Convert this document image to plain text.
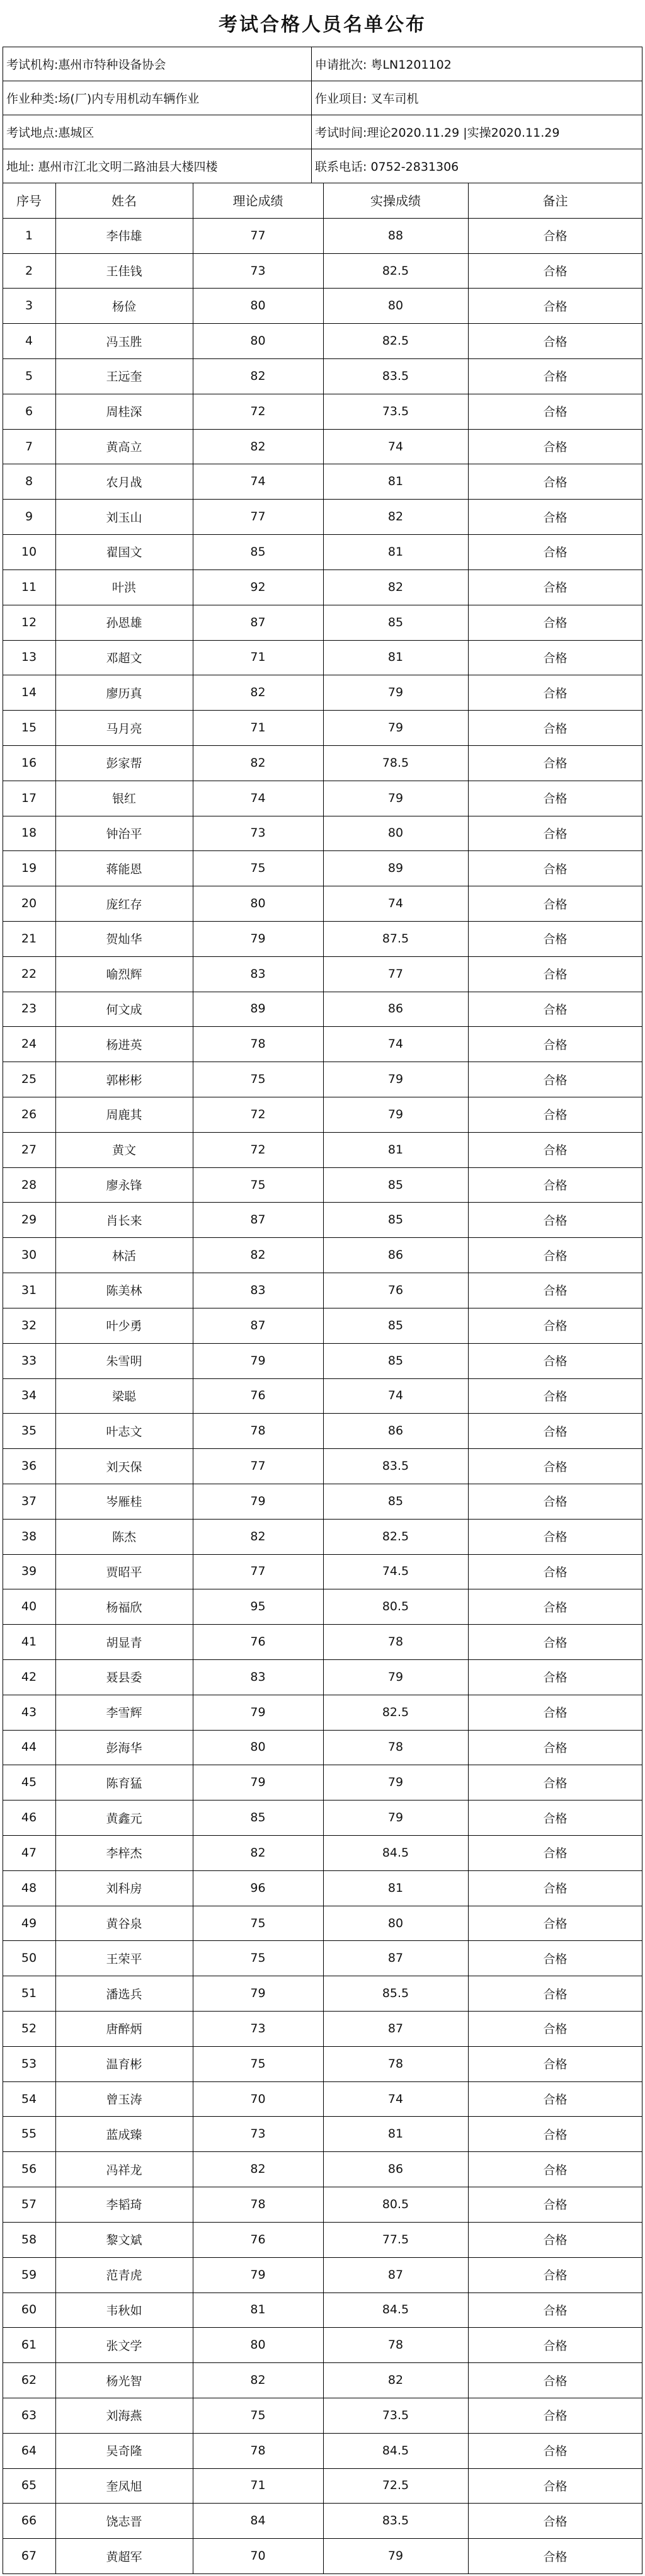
考试合格人员名单公布
考试机构:惠州市特种设备协会	申请批次: 粤LN1201102
作业种类:场(厂)内专用机动车辆作业	作业项目: 叉车司机
考试地点:惠城区	考试时间:理论2020.11.29 |实操2020.11.29
地址: 惠州市江北文明二路油县大楼四楼	联系电话: 0752-2831306
序号	姓名	理论成绩	实操成绩	备注
1	李伟雄	77	88	合格
2	王佳钱	73	82.5	合格
3	杨俭	80	80	合格
4	冯玉胜	80	82.5	合格
5	王远奎	82	83.5	合格
6	周桂深	72	73.5	合格
7	黄高立	82	74	合格
8	农月战	74	81	合格
9	刘玉山	77	82	合格
10	翟国文	85	81	合格
11	叶洪	92	82	合格
12	孙恩雄	87	85	合格
13	邓超文	71	81	合格
14	廖历真	82	79	合格
15	马月亮	71	79	合格
16	彭家帮	82	78.5	合格
17	银红	74	79	合格
18	钟治平	73	80	合格
19	蒋能恩	75	89	合格
20	庞红存	80	74	合格
21	贺灿华	79	87.5	合格
22	喻烈辉	83	77	合格
23	何文成	89	86	合格
24	杨进英	78	74	合格
25	郭彬彬	75	79	合格
26	周鹿其	72	79	合格
27	黄文	72	81	合格
28	廖永锋	75	85	合格
29	肖长来	87	85	合格
30	林活	82	86	合格
31	陈美林	83	76	合格
32	叶少勇	87	85	合格
33	朱雪明	79	85	合格
34	梁聪	76	74	合格
35	叶志文	78	86	合格
36	刘天保	77	83.5	合格
37	岑雁桂	79	85	合格
38	陈杰	82	82.5	合格
39	贾昭平	77	74.5	合格
40	杨福欣	95	80.5	合格
41	胡显青	76	78	合格
42	聂县委	83	79	合格
43	李雪辉	79	82.5	合格
44	彭海华	80	78	合格
45	陈育猛	79	79	合格
46	黄鑫元	85	79	合格
47	李梓杰	82	84.5	合格
48	刘科房	96	81	合格
49	黄谷泉	75	80	合格
50	王荣平	75	87	合格
51	潘选兵	79	85.5	合格
52	唐醉炳	73	87	合格
53	温育彬	75	78	合格
54	曾玉涛	70	74	合格
55	蓝成臻	73	81	合格
56	冯祥龙	82	86	合格
57	李韬琦	78	80.5	合格
58	黎文斌	76	77.5	合格
59	范青虎	79	87	合格
60	韦秋如	81	84.5	合格
61	张文学	80	78	合格
62	杨光智	82	82	合格
63	刘海燕	75	73.5	合格
64	吴奇隆	78	84.5	合格
65	奎凤旭	71	72.5	合格
66	饶志晋	84	83.5	合格
67	黄超军	70	79	合格
